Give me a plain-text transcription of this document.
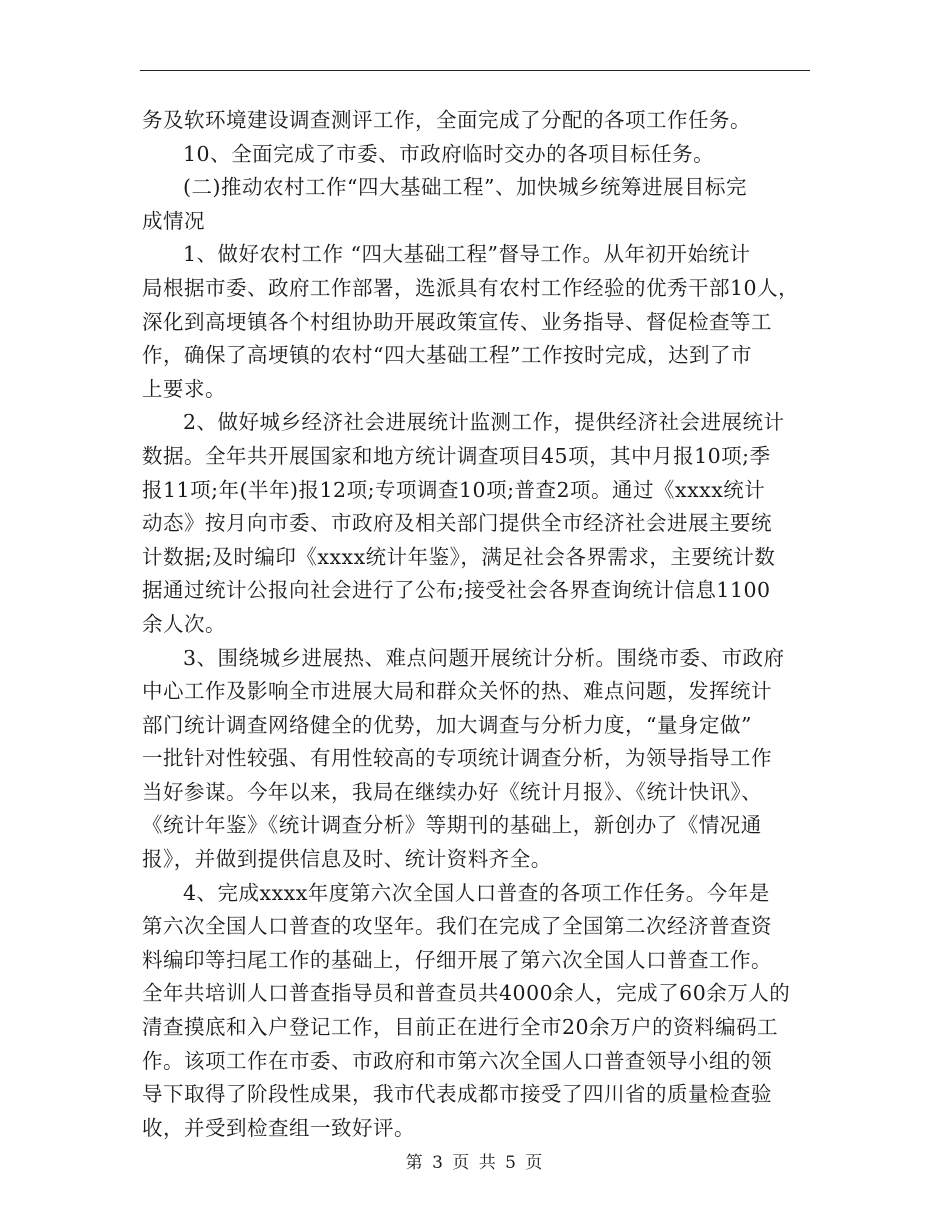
务及软环境建设调查测评工作，全面完成了分配的各项工作任务。
10、全面完成了市委、市政府临时交办的各项目标任务。
(二)推动农村工作“四大基础工程”、加快城乡统筹进展目标完
成情况
1、做好农村工作 “四大基础工程”督导工作。从年初开始统计
局根据市委、政府工作部署，选派具有农村工作经验的优秀干部10人，
深化到高埂镇各个村组协助开展政策宣传、业务指导、督促检查等工
作，确保了高埂镇的农村“四大基础工程”工作按时完成，达到了市
上要求。
2、做好城乡经济社会进展统计监测工作，提供经济社会进展统计
数据。全年共开展国家和地方统计调查项目45项，其中月报10项;季
报11项;年(半年)报12项;专项调查10项;普查2项。通过《xxxx统计
动态》按月向市委、市政府及相关部门提供全市经济社会进展主要统
计数据;及时编印《xxxx统计年鉴》，满足社会各界需求，主要统计数
据通过统计公报向社会进行了公布;接受社会各界查询统计信息1100
余人次。
3、围绕城乡进展热、难点问题开展统计分析。围绕市委、市政府
中心工作及影响全市进展大局和群众关怀的热、难点问题，发挥统计
部门统计调查网络健全的优势，加大调查与分析力度，“量身定做”
一批针对性较强、有用性较高的专项统计调查分析，为领导指导工作
当好参谋。今年以来，我局在继续办好《统计月报》、《统计快讯》、
《统计年鉴》《统计调查分析》等期刊的基础上，新创办了《情况通
报》，并做到提供信息及时、统计资料齐全。
4、完成xxxx年度第六次全国人口普查的各项工作任务。今年是
第六次全国人口普查的攻坚年。我们在完成了全国第二次经济普查资
料编印等扫尾工作的基础上，仔细开展了第六次全国人口普查工作。
全年共培训人口普查指导员和普查员共4000余人，完成了60余万人的
清查摸底和入户登记工作，目前正在进行全市20余万户的资料编码工
作。该项工作在市委、市政府和市第六次全国人口普查领导小组的领
导下取得了阶段性成果，我市代表成都市接受了四川省的质量检查验
收，并受到检查组一致好评。
第 3 页 共 5 页
